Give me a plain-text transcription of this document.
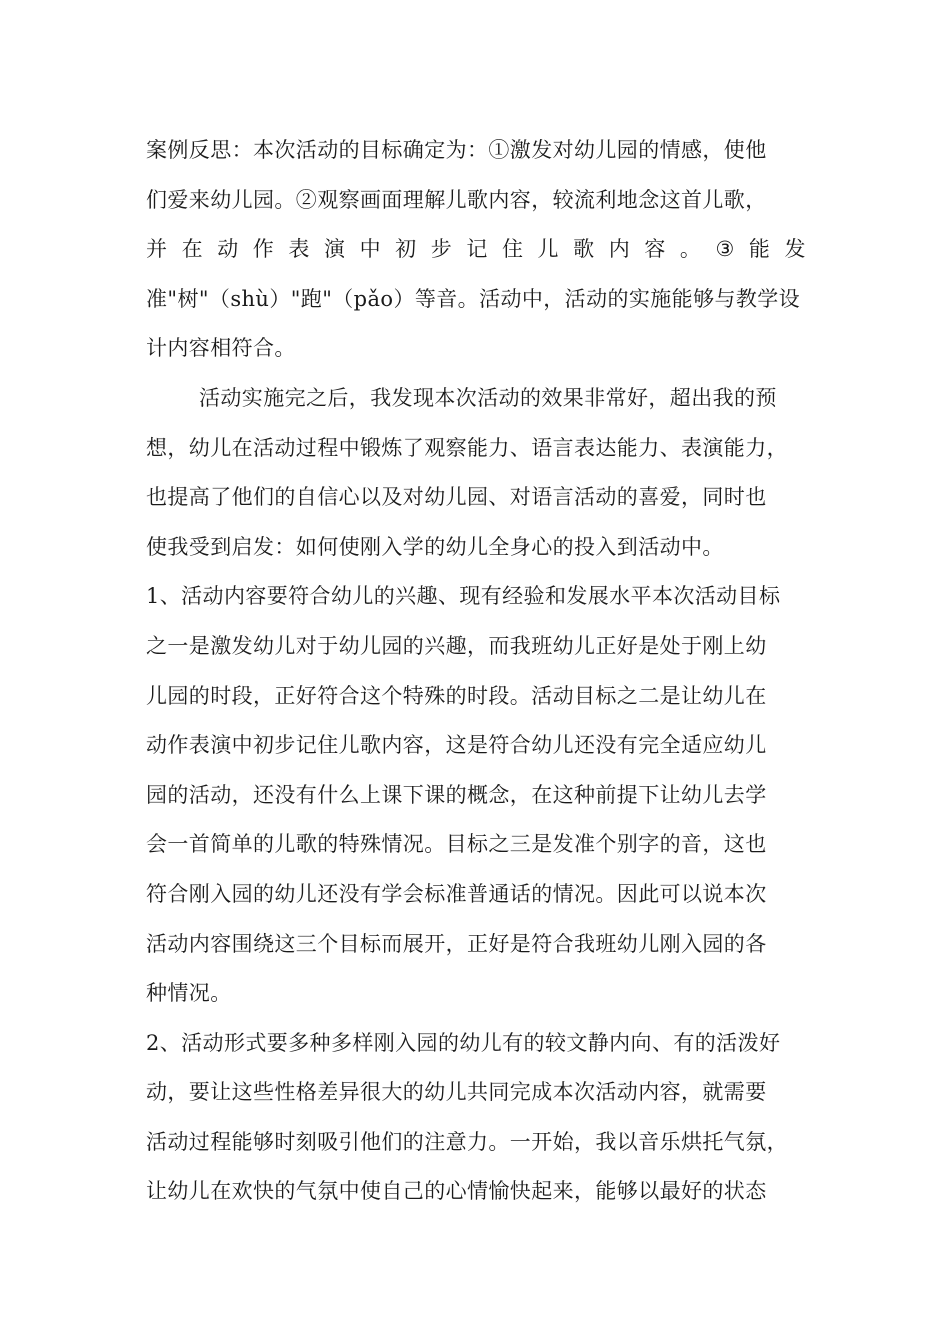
案例反思：本次活动的目标确定为：①激发对幼儿园的情感，使他
们爱来幼儿园。②观察画面理解儿歌内容，较流利地念这首儿歌，
并 在 动 作 表 演 中 初 步 记 住 儿 歌 内 容 。 ③ 能 发
准"树"（shù）"跑"（pǎo）等音。活动中，活动的实施能够与教学设
计内容相符合。
活动实施完之后，我发现本次活动的效果非常好，超出我的预
想，幼儿在活动过程中锻炼了观察能力、语言表达能力、表演能力，
也提高了他们的自信心以及对幼儿园、对语言活动的喜爱，同时也
使我受到启发：如何使刚入学的幼儿全身心的投入到活动中。
1、活动内容要符合幼儿的兴趣、现有经验和发展水平本次活动目标
之一是激发幼儿对于幼儿园的兴趣，而我班幼儿正好是处于刚上幼
儿园的时段，正好符合这个特殊的时段。活动目标之二是让幼儿在
动作表演中初步记住儿歌内容，这是符合幼儿还没有完全适应幼儿
园的活动，还没有什么上课下课的概念，在这种前提下让幼儿去学
会一首简单的儿歌的特殊情况。目标之三是发准个别字的音，这也
符合刚入园的幼儿还没有学会标准普通话的情况。因此可以说本次
活动内容围绕这三个目标而展开，正好是符合我班幼儿刚入园的各
种情况。
2、活动形式要多种多样刚入园的幼儿有的较文静内向、有的活泼好
动，要让这些性格差异很大的幼儿共同完成本次活动内容，就需要
活动过程能够时刻吸引他们的注意力。一开始，我以音乐烘托气氛，
让幼儿在欢快的气氛中使自己的心情愉快起来，能够以最好的状态
